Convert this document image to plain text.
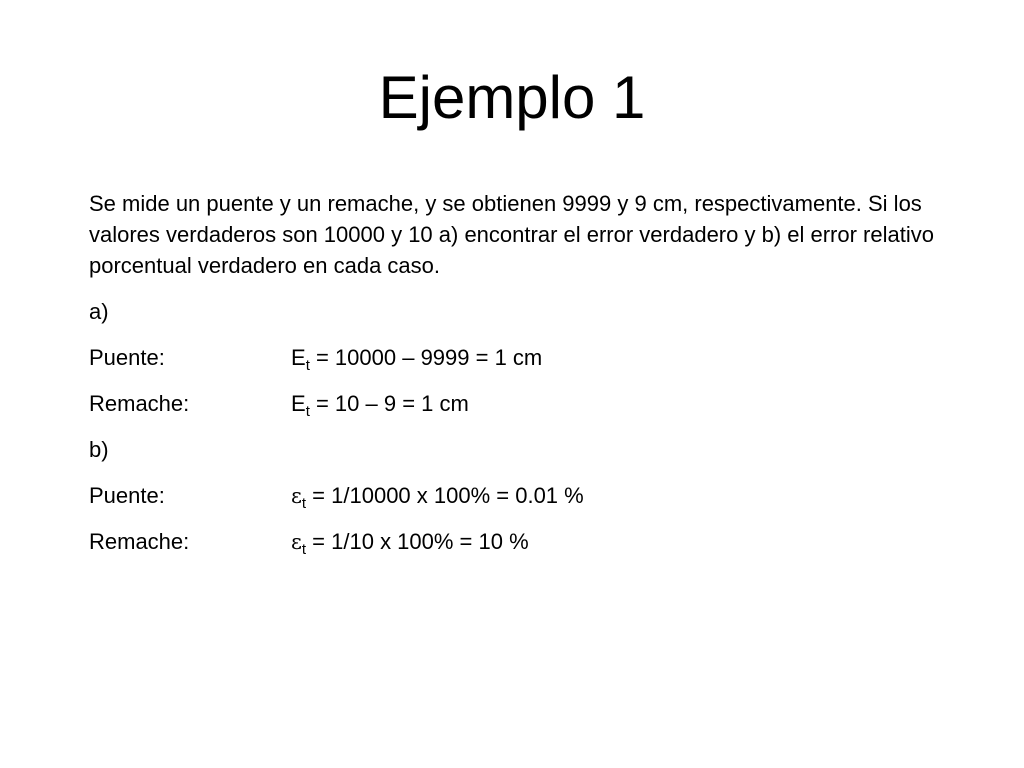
Ejemplo 1

Se mide un puente y un remache, y se obtienen 9999 y 9 cm, respectivamente. Si los valores verdaderos son 10000 y 10 a) encontrar el error verdadero y b) el error relativo porcentual verdadero en cada caso.

a)
Puente:	$E_t = 10000 - 9999 = 1$ cm
Remache:	$E_t = 10 - 9 = 1$ cm
b)
Puente:	$\varepsilon_t = 1/10000$ x 100% = 0.01 %
Remache:	$\varepsilon_t = 1/10$ x 100% = 10 %
